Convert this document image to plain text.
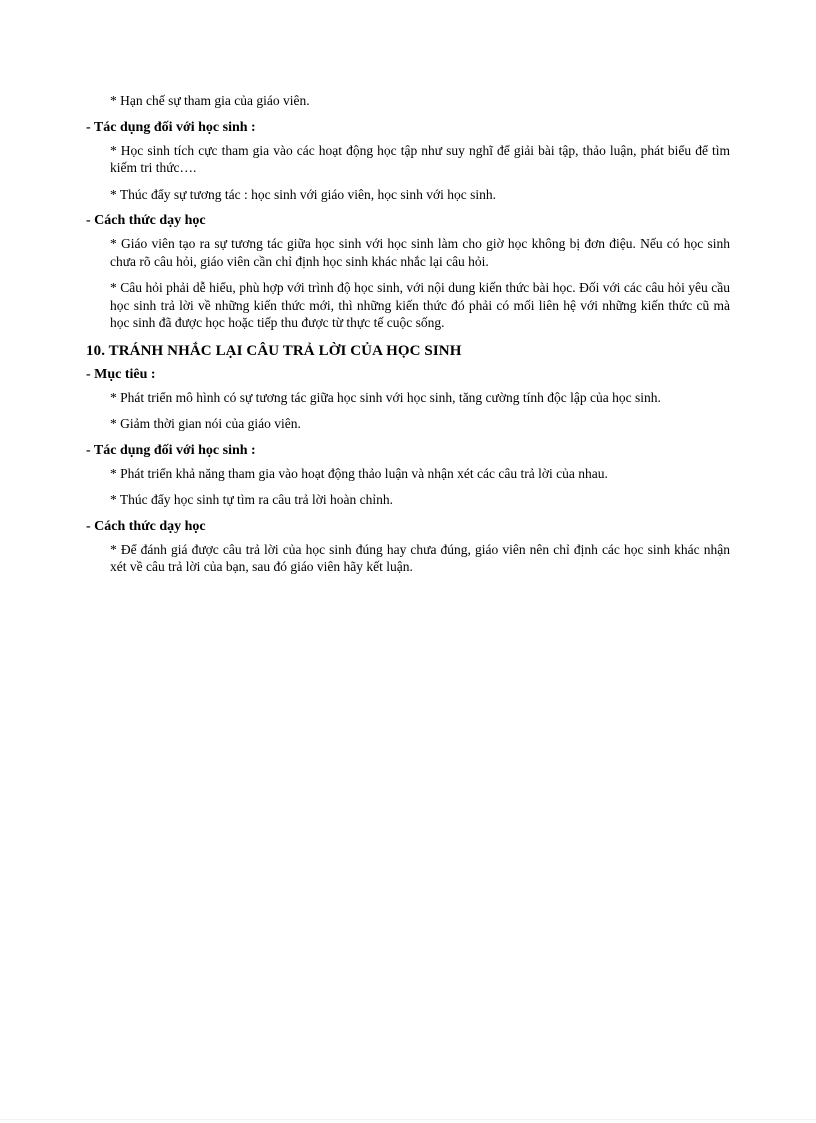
* Hạn chế sự tham gia của giáo viên.

- Tác dụng đối với học sinh :

* Học sinh tích cực tham gia vào các hoạt động học tập như suy nghĩ để giải bài tập, thảo luận, phát biểu để tìm kiếm tri thức….

* Thúc đẩy sự tương tác : học sinh với giáo viên, học sinh với học sinh.

- Cách thức dạy học

* Giáo viên tạo ra sự tương tác giữa học sinh với học sinh làm cho giờ học không bị đơn điệu. Nếu có học sinh chưa rõ câu hỏi, giáo viên cần chỉ định học sinh khác nhắc lại câu hỏi.

* Câu hỏi phải dễ hiểu, phù hợp với trình độ học sinh, với nội dung kiến thức bài học. Đối với các câu hỏi yêu cầu học sinh trả lời về những kiến thức mới, thì những kiến thức đó phải có mối liên hệ với những kiến thức cũ mà học sinh đã được học hoặc tiếp thu được từ thực tế cuộc sống.

10. TRÁNH NHẮC LẠI CÂU TRẢ LỜI CỦA HỌC SINH
- Mục tiêu :

* Phát triển mô hình có sự tương tác giữa học sinh với học sinh, tăng cường tính độc lập của học sinh.

* Giảm thời gian nói của giáo viên.

- Tác dụng đối với học sinh :

* Phát triển khả năng tham gia vào hoạt động thảo luận và nhận xét các câu trả lời của nhau.

* Thúc đẩy học sinh tự tìm ra câu trả lời hoàn chỉnh.

- Cách thức dạy học

* Để đánh giá được câu trả lời của học sinh đúng hay chưa đúng, giáo viên nên chỉ định các học sinh khác nhận xét về câu trả lời của bạn, sau đó giáo viên hãy kết luận.
